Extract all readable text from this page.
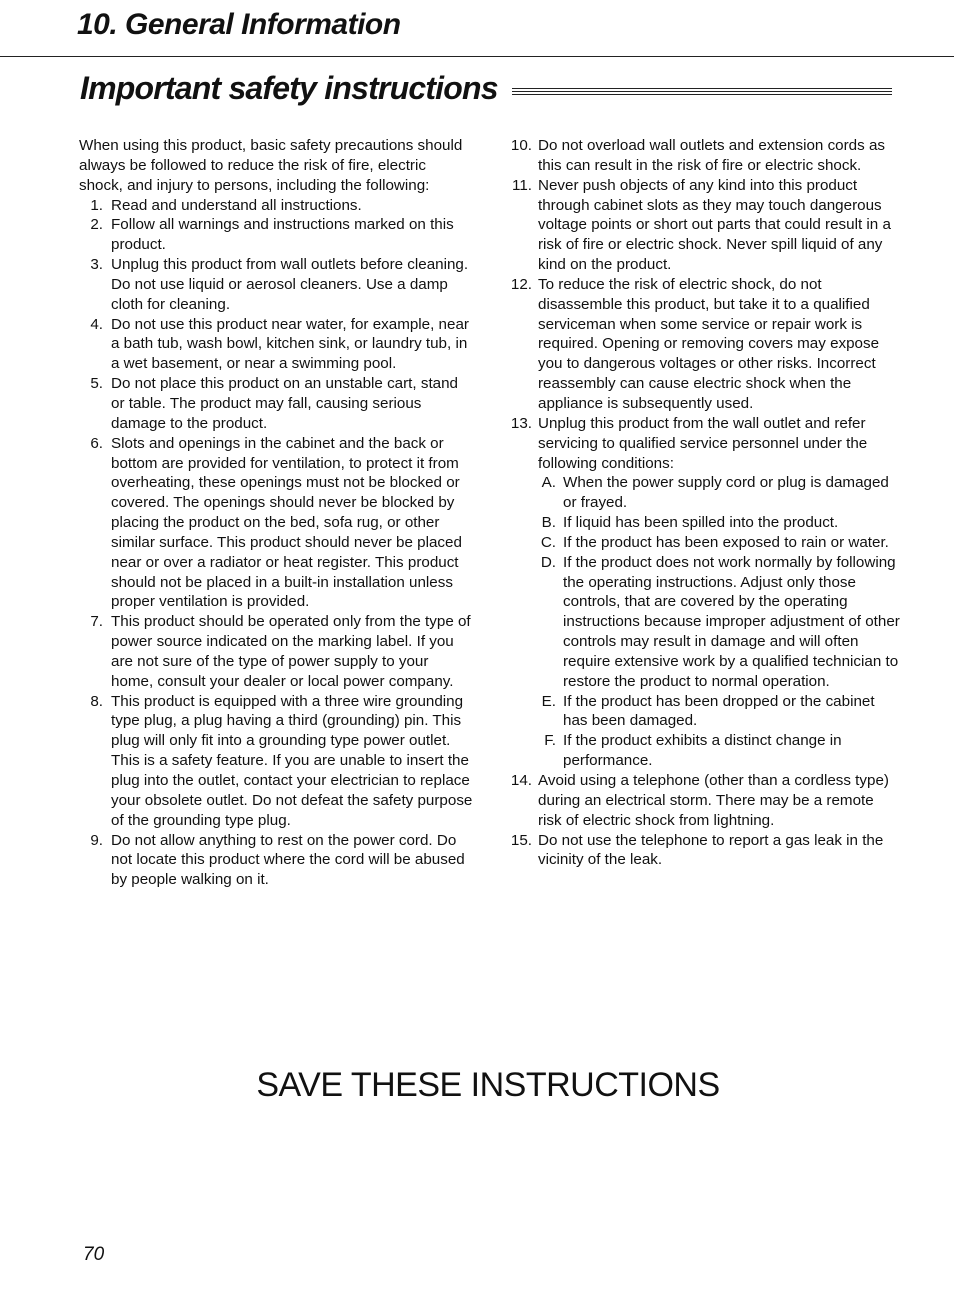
10. General Information
Important safety instructions

When using this product, basic safety precautions should always be followed to reduce the risk of fire, electric shock, and injury to persons, including the following:

1. Read and understand all instructions.
2. Follow all warnings and instructions marked on this product.
3. Unplug this product from wall outlets before cleaning. Do not use liquid or aerosol cleaners. Use a damp cloth for cleaning.
4. Do not use this product near water, for example, near a bath tub, wash bowl, kitchen sink, or laundry tub, in a wet basement, or near a swimming pool.
5. Do not place this product on an unstable cart, stand or table. The product may fall, causing serious damage to the product.
6. Slots and openings in the cabinet and the back or bottom are provided for ventilation, to protect it from overheating, these openings must not be blocked or covered. The openings should never be blocked by placing the product on the bed, sofa rug, or other similar surface. This product should never be placed near or over a radiator or heat register. This product should not be placed in a built-in installation unless proper ventilation is provided.
7. This product should be operated only from the type of power source indicated on the marking label. If you are not sure of the type of power supply to your home, consult your dealer or local power company.
8. This product is equipped with a three wire grounding type plug, a plug having a third (grounding) pin. This plug will only fit into a grounding type power outlet. This is a safety feature. If you are unable to insert the plug into the outlet, contact your electrician to replace your obsolete outlet. Do not defeat the safety purpose of the grounding type plug.
9. Do not allow anything to rest on the power cord. Do not locate this product where the cord will be abused by people walking on it.
10. Do not overload wall outlets and extension cords as this can result in the risk of fire or electric shock.
11. Never push objects of any kind into this product through cabinet slots as they may touch dangerous voltage points or short out parts that could result in a risk of fire or electric shock. Never spill liquid of any kind on the product.
12. To reduce the risk of electric shock, do not disassemble this product, but take it to a qualified serviceman when some service or repair work is required. Opening or removing covers may expose you to dangerous voltages or other risks. Incorrect reassembly can cause electric shock when the appliance is subsequently used.
13. Unplug this product from the wall outlet and refer servicing to qualified service personnel under the following conditions:
A. When the power supply cord or plug is damaged or frayed.
B. If liquid has been spilled into the product.
C. If the product has been exposed to rain or water.
D. If the product does not work normally by following the operating instructions. Adjust only those controls, that are covered by the operating instructions because improper adjustment of other controls may result in damage and will often require extensive work by a qualified technician to restore the product to normal operation.
E. If the product has been dropped or the cabinet has been damaged.
F. If the product exhibits a distinct change in performance.
14. Avoid using a telephone (other than a cordless type) during an electrical storm. There may be a remote risk of electric shock from lightning.
15. Do not use the telephone to report a gas leak in the vicinity of the leak.
SAVE THESE INSTRUCTIONS
70
